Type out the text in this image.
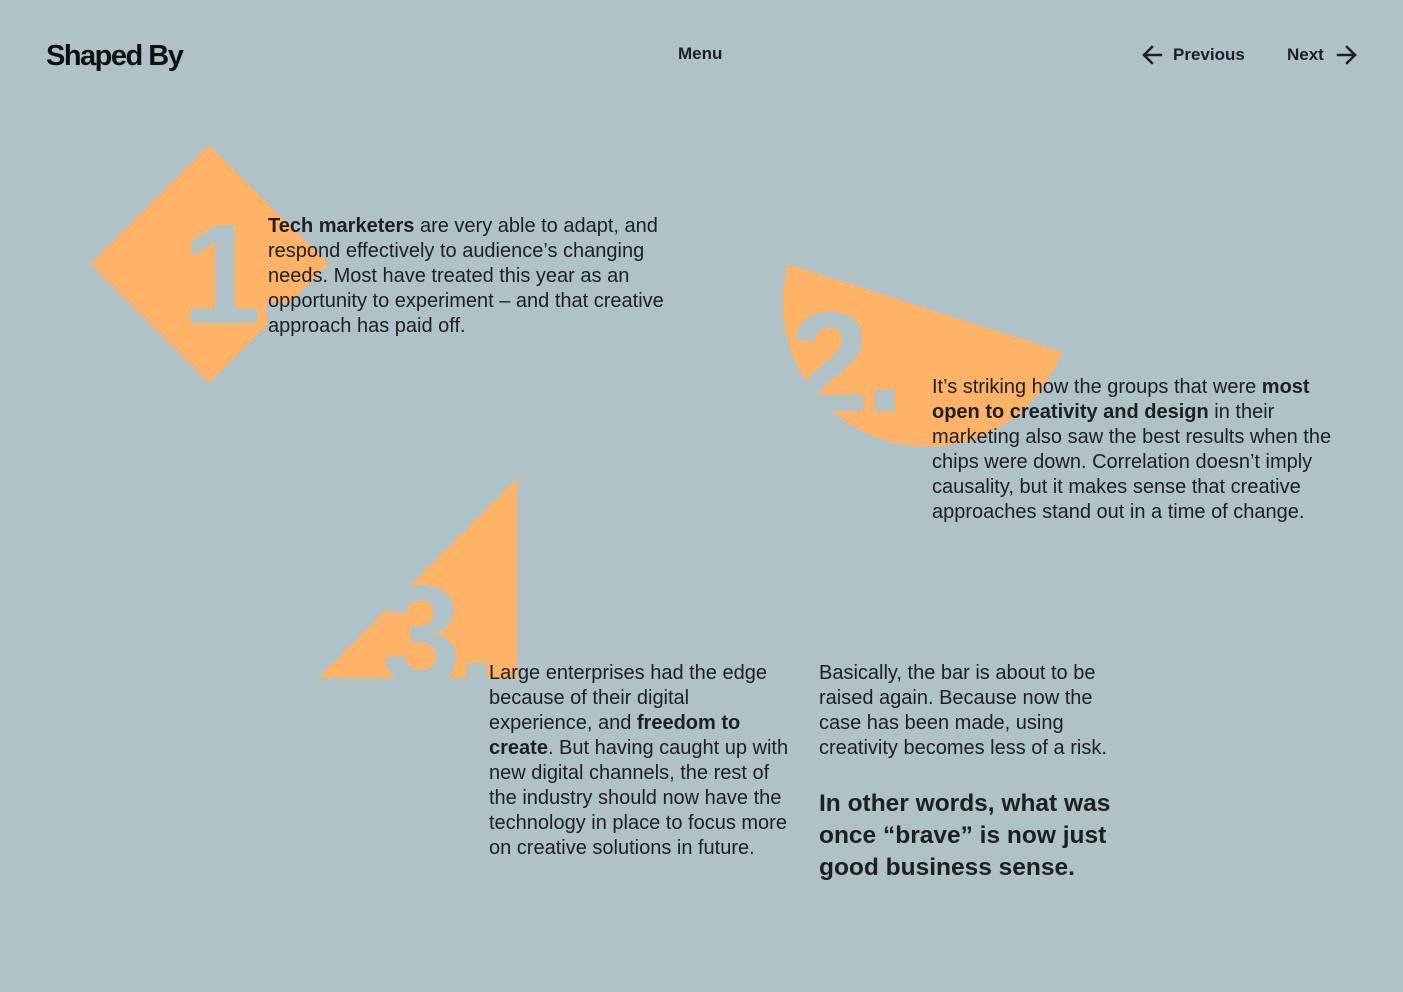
Shaped By	Menu	Previous Next
1.
Tech marketers are very able to adapt, and respond effectively to audience’s changing needs. Most have treated this year as an opportunity to experiment – and that creative approach has paid off.	2. It’s striking how the groups that were most open to creativity and design in their marketing also saw the best results when the chips were down. Correlation doesn’t imply causality, but it makes sense that creative approaches stand out in a time of change.
3.
Large enterprises had the edge because of their digital experience, and freedom to create. But having caught up with new digital channels, the rest of the industry should now have the technology in place to focus more on creative solutions in future.
Basically, the bar is about to be raised again. Because now the case has been made, using creativity becomes less of a risk.
In other words, what was once “brave” is now just good business sense.
